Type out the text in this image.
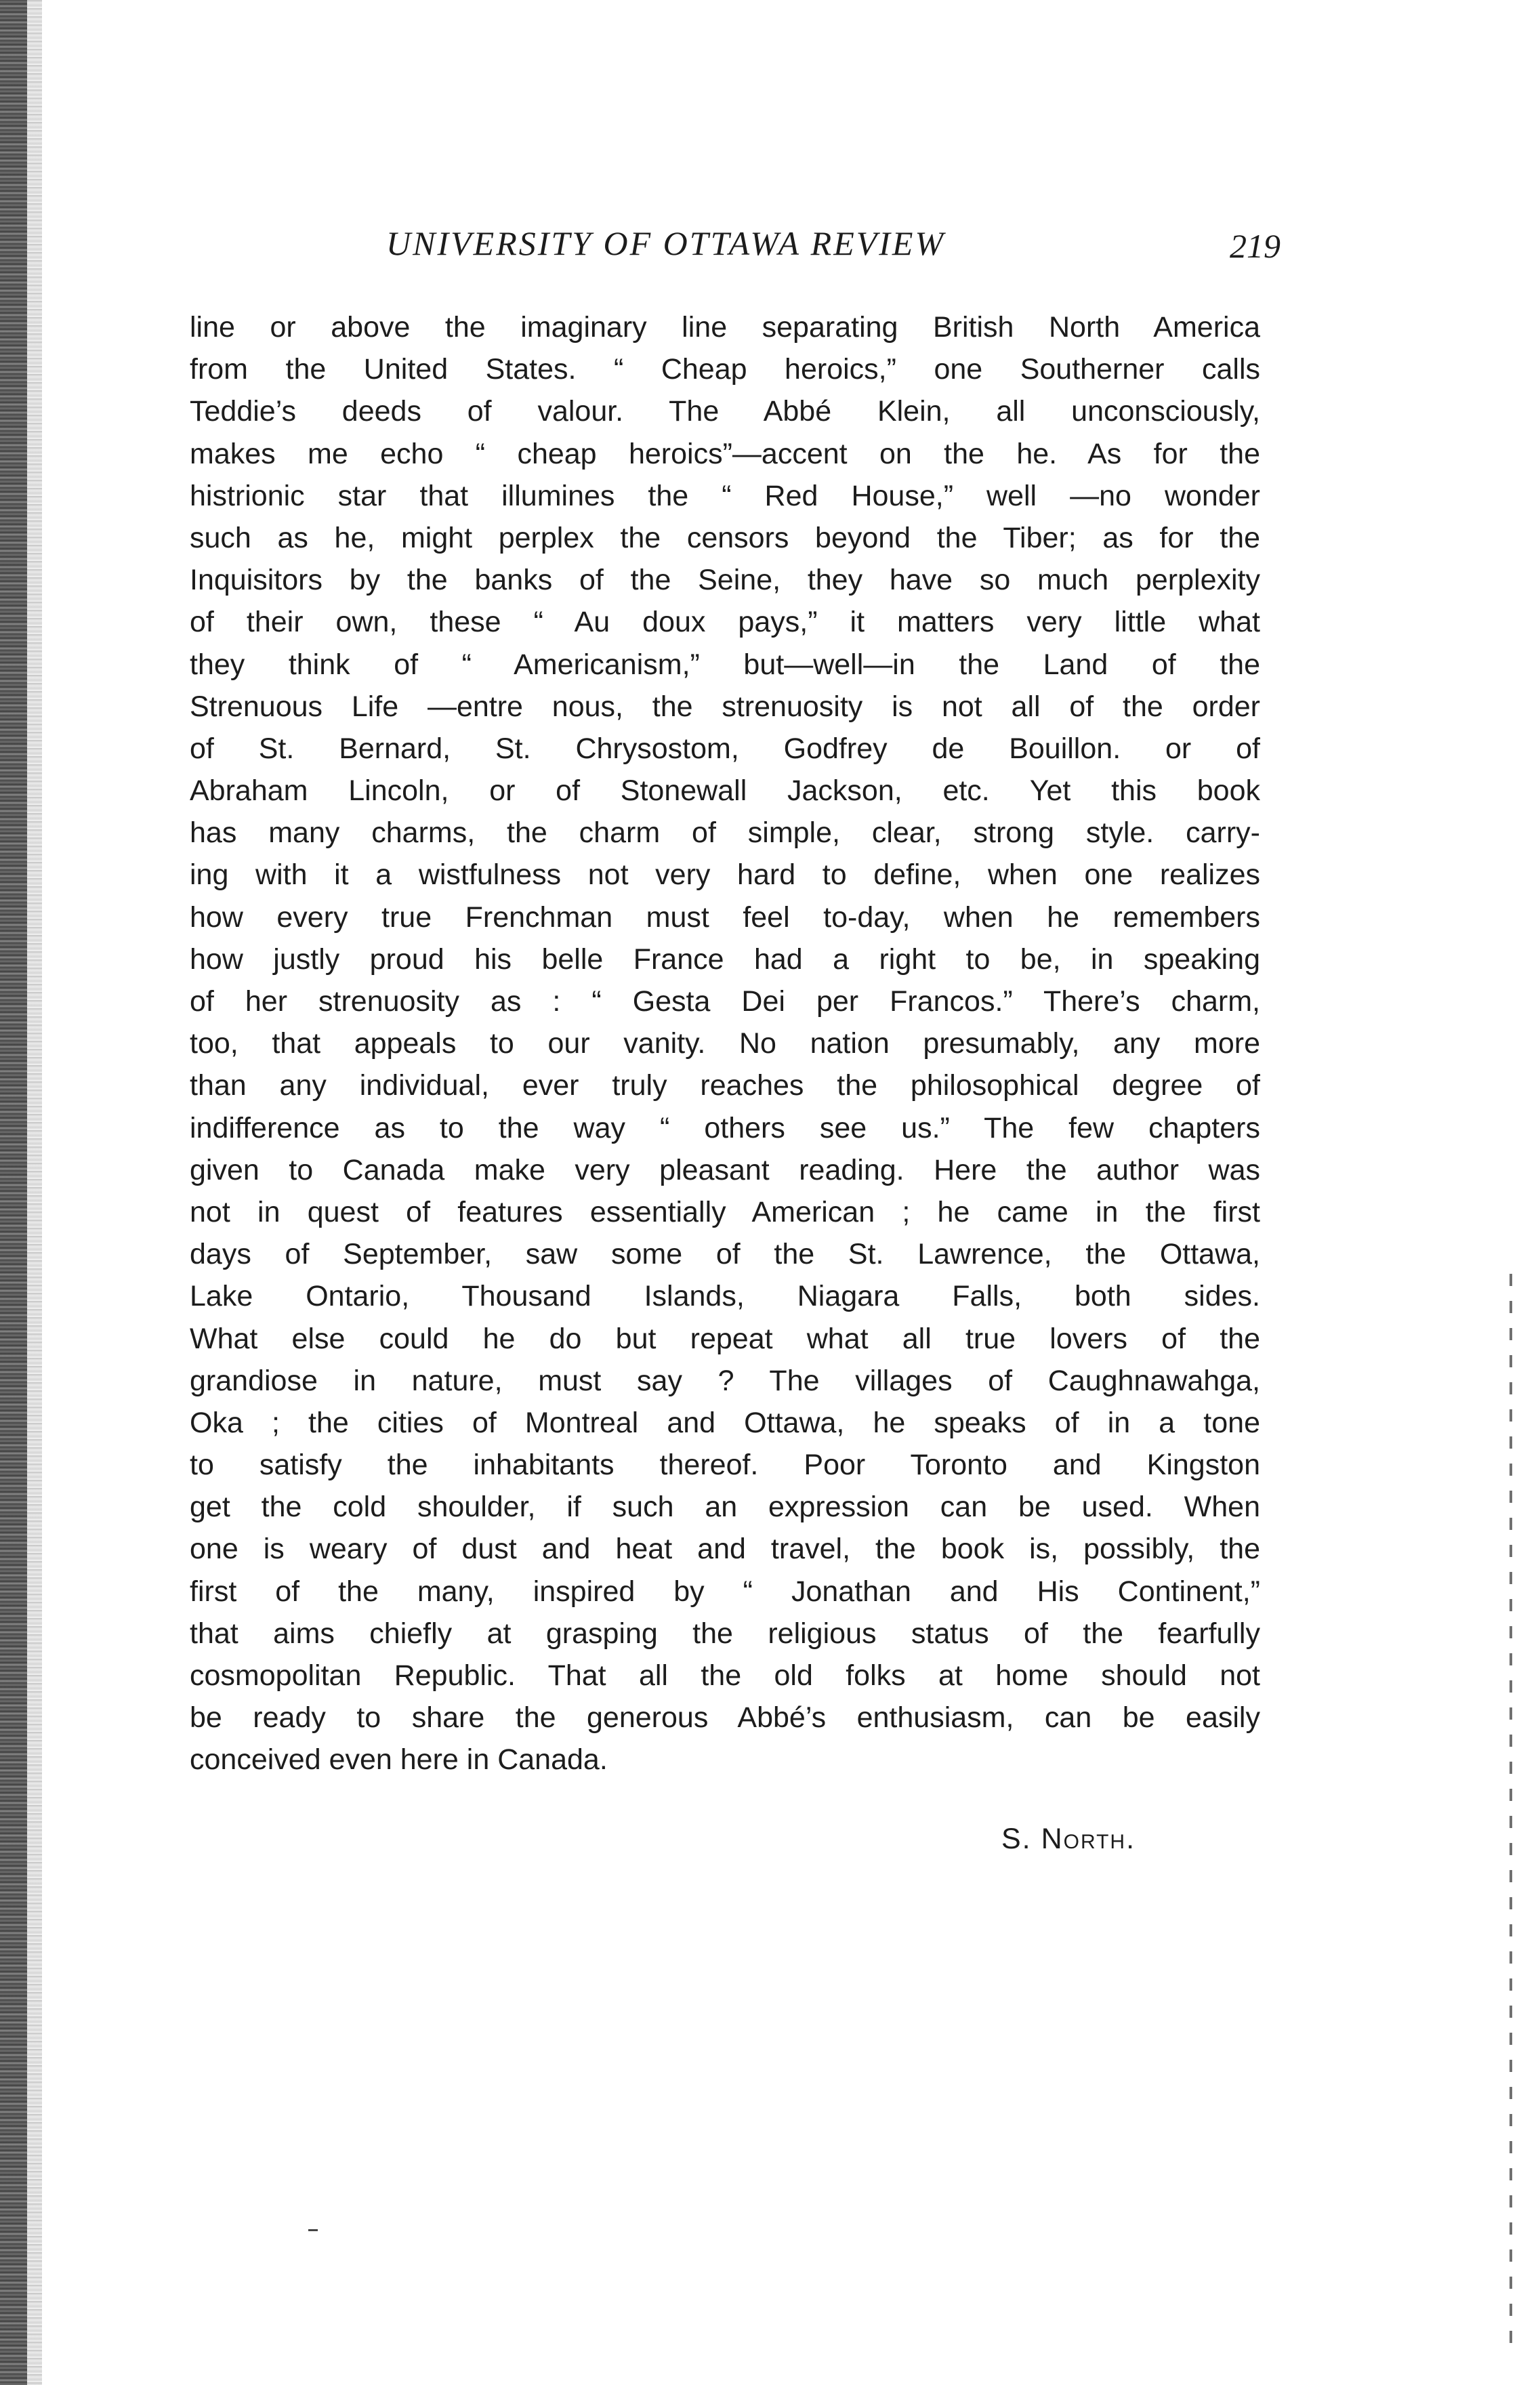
UNIVERSITY OF OTTAWA REVIEW	219
line or above the imaginary line separating British North America
from the United States. “ Cheap heroics,” one Southerner calls
Teddie’s deeds of valour. The Abbé Klein, all unconsciously,
makes me echo “ cheap heroics”—accent on the he. As for the
histrionic star that illumines the “ Red House,” well —no wonder
such as he, might perplex the censors beyond the Tiber; as for the
Inquisitors by the banks of the Seine, they have so much perplexity
of their own, these “ Au doux pays,” it matters very little what
they think of “ Americanism,” but—well—in the Land of the
Strenuous Life —entre nous, the strenuosity is not all of the order
of St. Bernard, St. Chrysostom, Godfrey de Bouillon. or of
Abraham Lincoln, or of Stonewall Jackson, etc. Yet this book
has many charms, the charm of simple, clear, strong style. carry-
ing with it a wistfulness not very hard to define, when one realizes
how every true Frenchman must feel to-day, when he remembers
how justly proud his belle France had a right to be, in speaking
of her strenuosity as : “ Gesta Dei per Francos.” There’s charm,
too, that appeals to our vanity. No nation presumably, any more
than any individual, ever truly reaches the philosophical degree of
indifference as to the way “ others see us.” The few chapters
given to Canada make very pleasant reading. Here the author was
not in quest of features essentially American ; he came in the first
days of September, saw some of the St. Lawrence, the Ottawa,
Lake Ontario, Thousand Islands, Niagara Falls, both sides.
What else could he do but repeat what all true lovers of the
grandiose in nature, must say ? The villages of Caughnawahga,
Oka ; the cities of Montreal and Ottawa, he speaks of in a tone
to satisfy the inhabitants thereof. Poor Toronto and Kingston
get the cold shoulder, if such an expression can be used. When
one is weary of dust and heat and travel, the book is, possibly, the
first of the many, inspired by “ Jonathan and His Continent,”
that aims chiefly at grasping the religious status of the fearfully
cosmopolitan Republic. That all the old folks at home should not
be ready to share the generous Abbé’s enthusiasm, can be easily
conceived even here in Canada.
S. North.
